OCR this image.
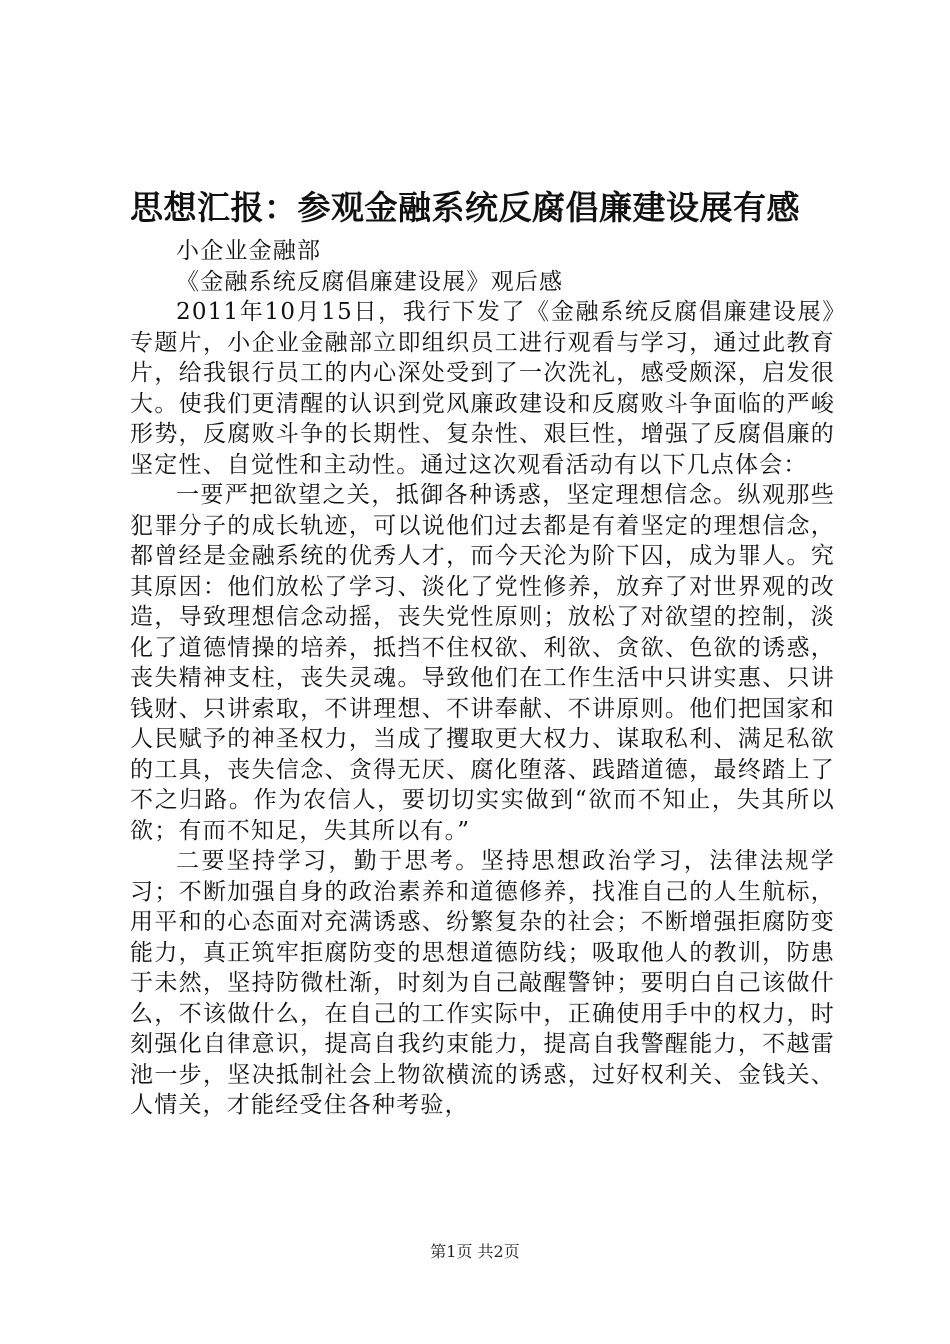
思想汇报：参观金融系统反腐倡廉建设展有感

小企业金融部

《金融系统反腐倡廉建设展》观后感

2011年10月15日，我行下发了《金融系统反腐倡廉建设展》专题片，小企业金融部立即组织员工进行观看与学习，通过此教育片，给我银行员工的内心深处受到了一次洗礼，感受颇深，启发很大。使我们更清醒的认识到党风廉政建设和反腐败斗争面临的严峻形势，反腐败斗争的长期性、复杂性、艰巨性，增强了反腐倡廉的坚定性、自觉性和主动性。通过这次观看活动有以下几点体会：

一要严把欲望之关，抵御各种诱惑，坚定理想信念。纵观那些犯罪分子的成长轨迹，可以说他们过去都是有着坚定的理想信念，都曾经是金融系统的优秀人才，而今天沦为阶下囚，成为罪人。究其原因：他们放松了学习、淡化了党性修养，放弃了对世界观的改造，导致理想信念动摇，丧失党性原则；放松了对欲望的控制，淡化了道德情操的培养，抵挡不住权欲、利欲、贪欲、色欲的诱惑，丧失精神支柱，丧失灵魂。导致他们在工作生活中只讲实惠、只讲钱财、只讲索取，不讲理想、不讲奉献、不讲原则。他们把国家和人民赋予的神圣权力，当成了攫取更大权力、谋取私利、满足私欲的工具，丧失信念、贪得无厌、腐化堕落、践踏道德，最终踏上了不之归路。作为农信人，要切切实实做到“欲而不知止，失其所以欲；有而不知足，失其所以有。”

二要坚持学习，勤于思考。坚持思想政治学习，法律法规学习；不断加强自身的政治素养和道德修养，找准自己的人生航标，用平和的心态面对充满诱惑、纷繁复杂的社会；不断增强拒腐防变能力，真正筑牢拒腐防变的思想道德防线；吸取他人的教训，防患于未然，坚持防微杜渐，时刻为自己敲醒警钟；要明白自己该做什么，不该做什么，在自己的工作实际中，正确使用手中的权力，时刻强化自律意识，提高自我约束能力，提高自我警醒能力，不越雷池一步，坚决抵制社会上物欲横流的诱惑，过好权利关、金钱关、人情关，才能经受住各种考验，

第1页 共2页
